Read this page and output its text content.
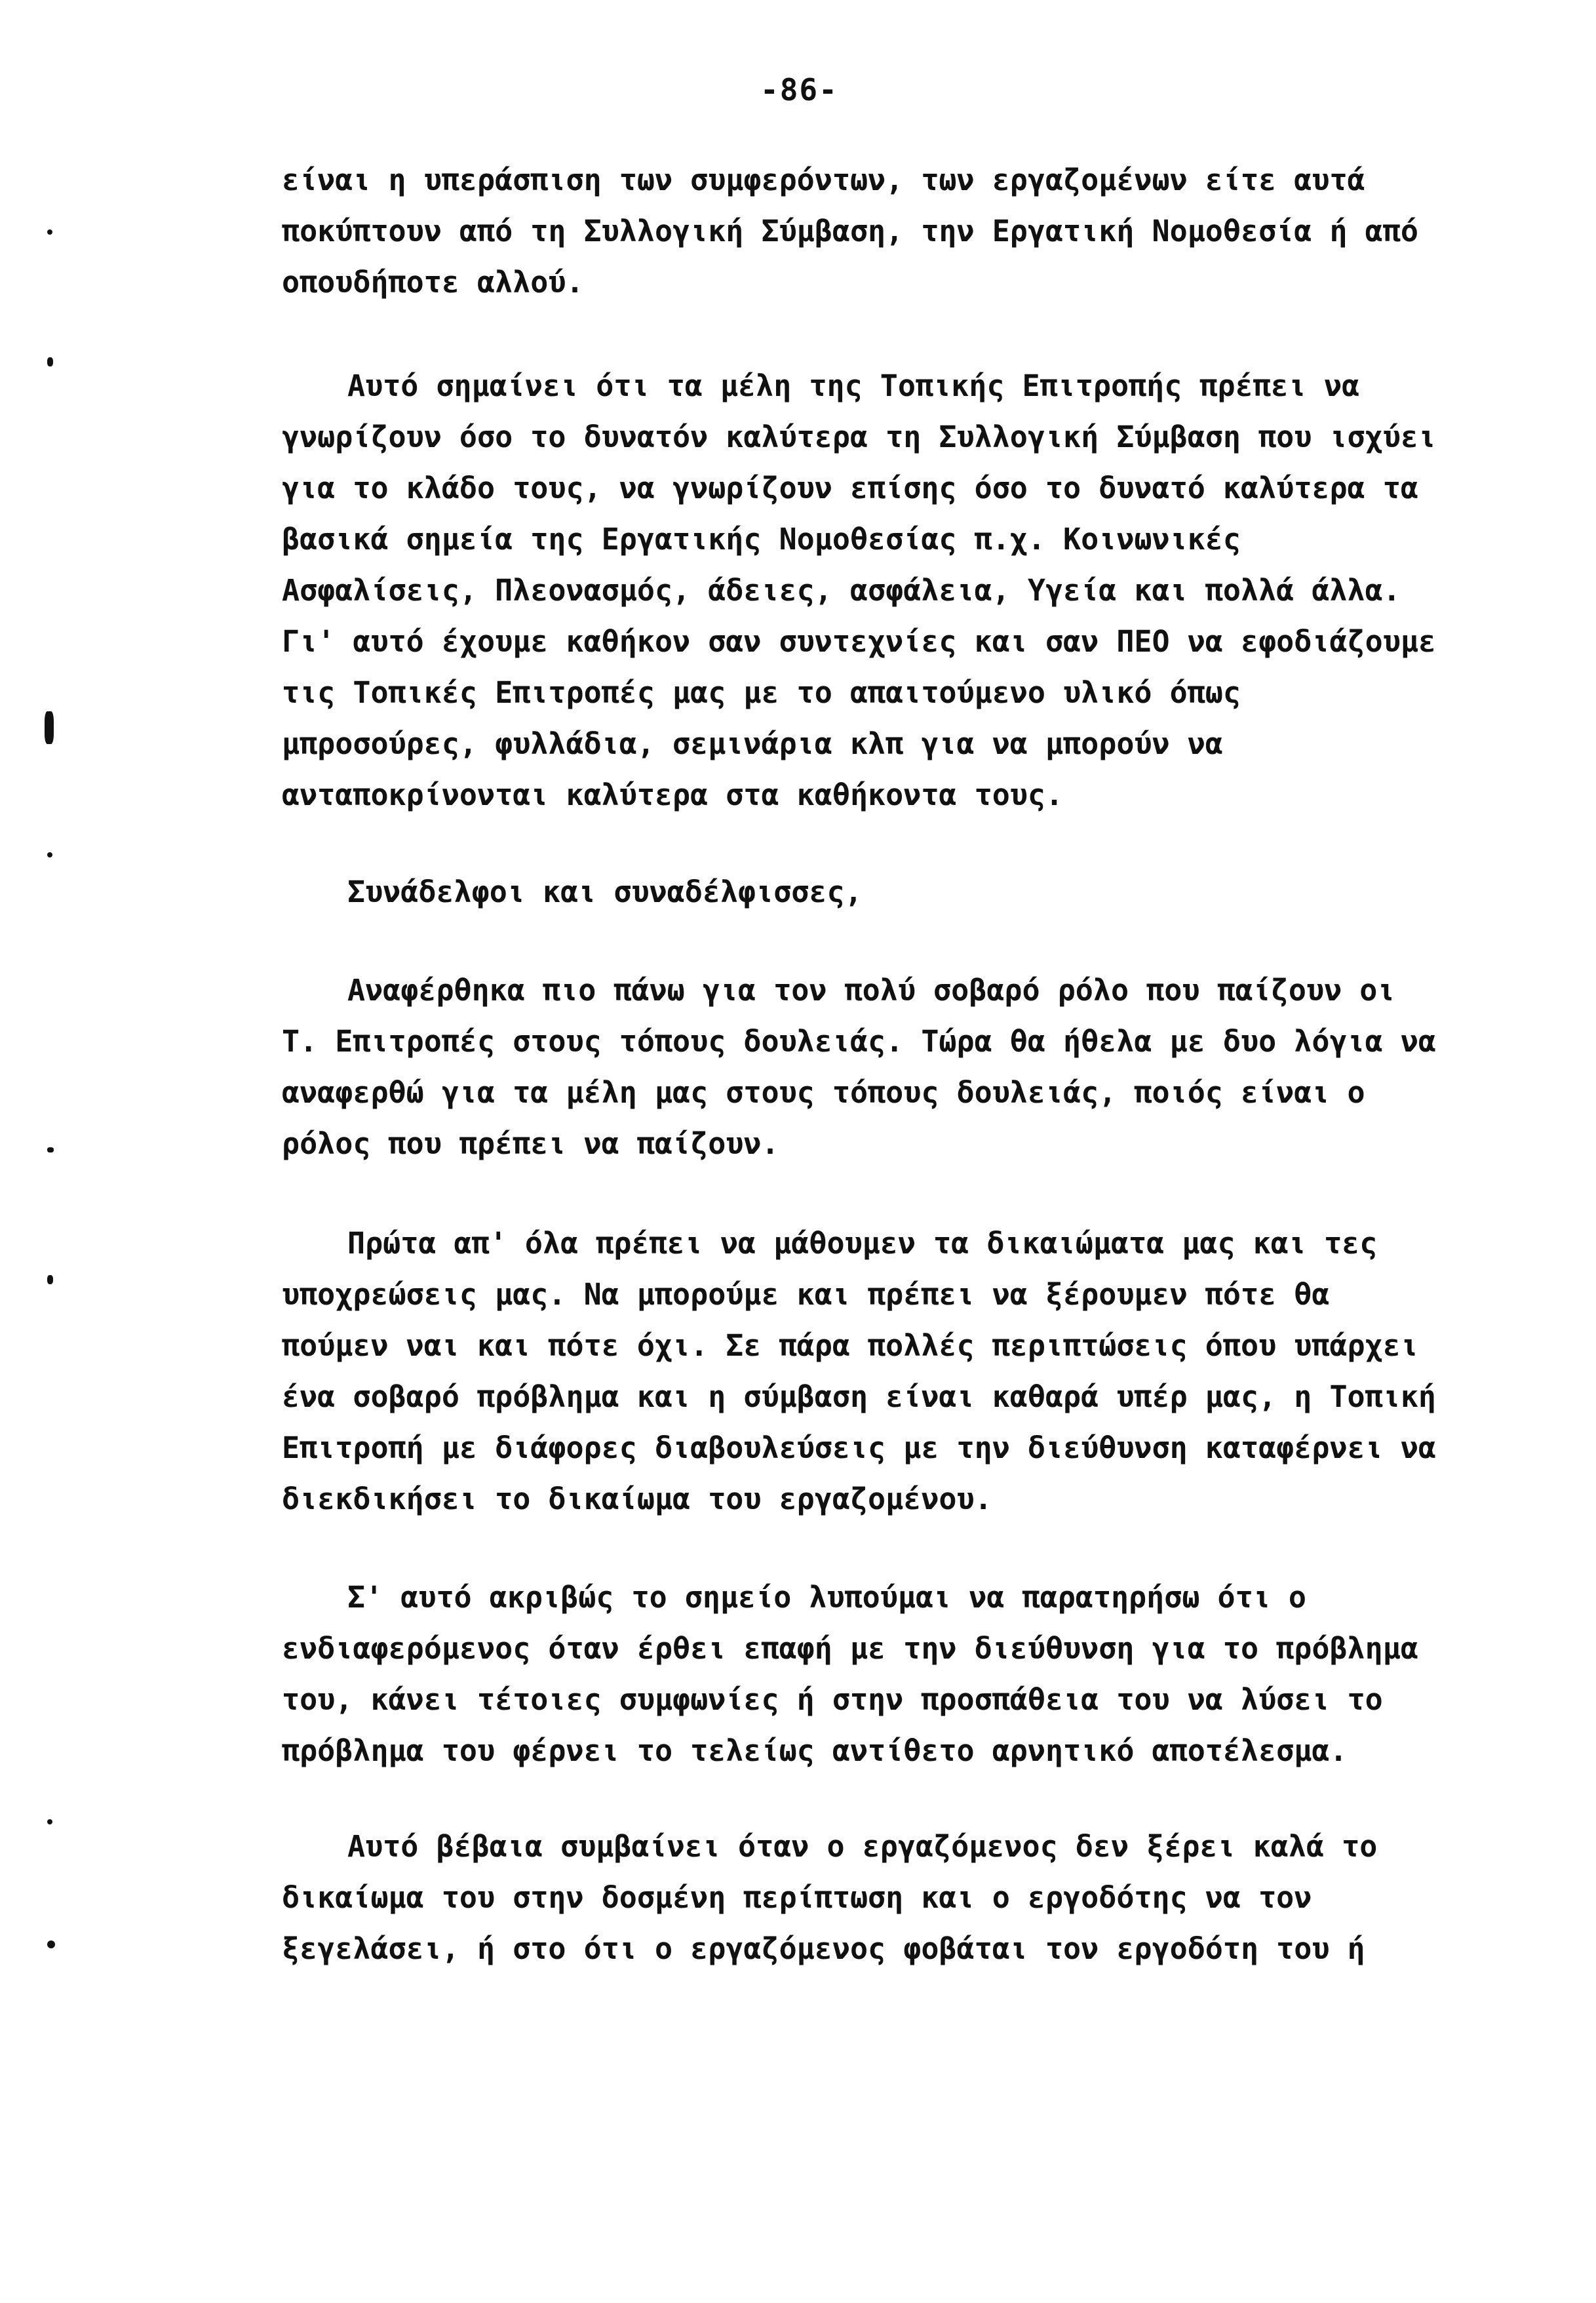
-86-
είναι η υπεράσπιση των συμφερόντων, των εργαζομένων είτε αυτά
ποκύπτουν από τη Συλλογική Σύμβαση, την Εργατική Νομοθεσία ή από
οπουδήποτε αλλού.
Αυτό σημαίνει ότι τα μέλη της Τοπικής Επιτροπής πρέπει να
γνωρίζουν όσο το δυνατόν καλύτερα τη Συλλογική Σύμβαση που ισχύει
για το κλάδο τους, να γνωρίζουν επίσης όσο το δυνατό καλύτερα τα
βασικά σημεία της Εργατικής Νομοθεσίας π.χ. Κοινωνικές
Ασφαλίσεις, Πλεονασμός, άδειες, ασφάλεια, Υγεία και πολλά άλλα.
Γι' αυτό έχουμε καθήκον σαν συντεχνίες και σαν ΠΕΟ να εφοδιάζουμε
τις Τοπικές Επιτροπές μας με το απαιτούμενο υλικό όπως
μπροσούρες, φυλλάδια, σεμινάρια κλπ για να μπορούν να
ανταποκρίνονται καλύτερα στα καθήκοντα τους.
Συνάδελφοι και συναδέλφισσες,
Αναφέρθηκα πιο πάνω για τον πολύ σοβαρό ρόλο που παίζουν οι
Τ. Επιτροπές στους τόπους δουλειάς. Τώρα θα ήθελα με δυο λόγια να
αναφερθώ για τα μέλη μας στους τόπους δουλειάς, ποιός είναι ο
ρόλος που πρέπει να παίζουν.
Πρώτα απ' όλα πρέπει να μάθουμεν τα δικαιώματα μας και τες
υποχρεώσεις μας. Να μπορούμε και πρέπει να ξέρουμεν πότε θα
πούμεν ναι και πότε όχι. Σε πάρα πολλές περιπτώσεις όπου υπάρχει
ένα σοβαρό πρόβλημα και η σύμβαση είναι καθαρά υπέρ μας, η Τοπική
Επιτροπή με διάφορες διαβουλεύσεις με την διεύθυνση καταφέρνει να
διεκδικήσει το δικαίωμα του εργαζομένου.
Σ' αυτό ακριβώς το σημείο λυπούμαι να παρατηρήσω ότι ο
ενδιαφερόμενος όταν έρθει επαφή με την διεύθυνση για το πρόβλημα
του, κάνει τέτοιες συμφωνίες ή στην προσπάθεια του να λύσει το
πρόβλημα του φέρνει το τελείως αντίθετο αρνητικό αποτέλεσμα.
Αυτό βέβαια συμβαίνει όταν ο εργαζόμενος δεν ξέρει καλά το
δικαίωμα του στην δοσμένη περίπτωση και ο εργοδότης να τον
ξεγελάσει, ή στο ότι ο εργαζόμενος φοβάται τον εργοδότη του ή
